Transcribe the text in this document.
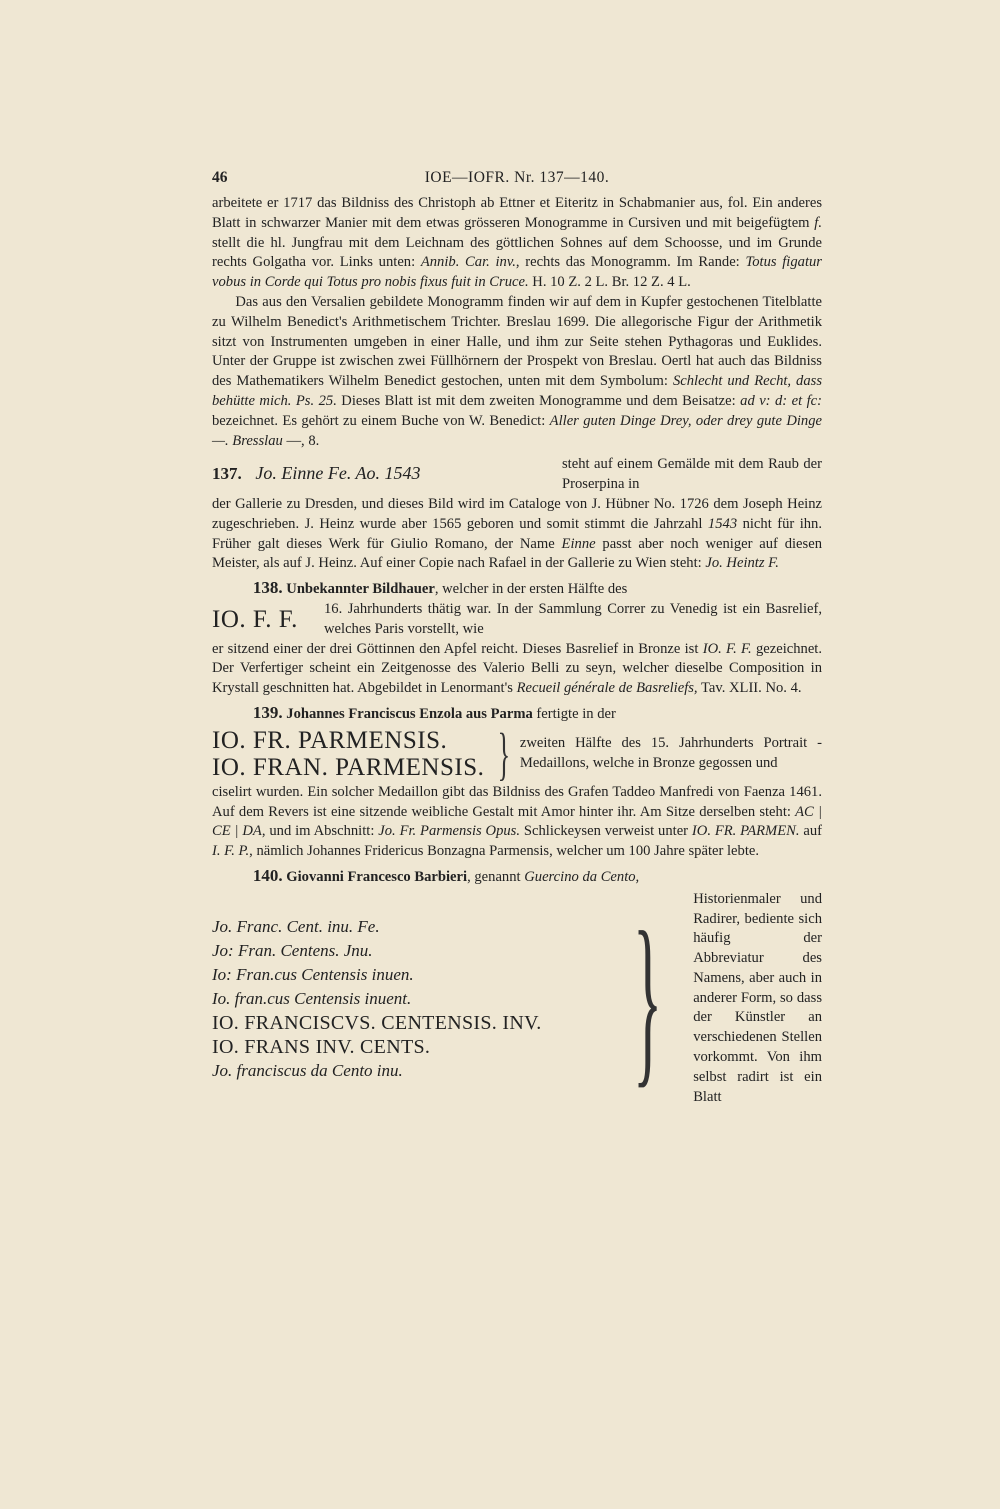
46	IOE—IOFR. Nr. 137—140.

arbeitete er 1717 das Bildniss des Christoph ab Ettner et Eiteritz in Schabmanier aus, fol. Ein anderes Blatt in schwarzer Manier mit dem etwas grösseren Monogramme in Cursiven und mit beigefügtem f. stellt die hl. Jungfrau mit dem Leichnam des göttlichen Sohnes auf dem Schoosse, und im Grunde rechts Golgatha vor. Links unten: Annib. Car. inv., rechts das Monogramm. Im Rande: Totus figatur vobus in Corde qui Totus pro nobis fixus fuit in Cruce. H. 10 Z. 2 L. Br. 12 Z. 4 L.

Das aus den Versalien gebildete Monogramm finden wir auf dem in Kupfer gestochenen Titelblatte zu Wilhelm Benedict's Arithmetischem Trichter. Breslau 1699. Die allegorische Figur der Arithmetik sitzt von Instrumenten umgeben in einer Halle, und ihm zur Seite stehen Pythagoras und Euklides. Unter der Gruppe ist zwischen zwei Füllhörnern der Prospekt von Breslau. Oertl hat auch das Bildniss des Mathematikers Wilhelm Benedict gestochen, unten mit dem Symbolum: Schlecht und Recht, dass behütte mich. Ps. 25. Dieses Blatt ist mit dem zweiten Monogramme und dem Beisatze: ad v: d: et fc: bezeichnet. Es gehört zu einem Buche von W. Benedict: Aller guten Dinge Drey, oder drey gute Dinge —. Bresslau —, 8.

137. Jo. Einne Fe. Ao. 1543	steht auf einem Gemälde mit dem Raub der Proserpina in

der Gallerie zu Dresden, und dieses Bild wird im Cataloge von J. Hübner No. 1726 dem Joseph Heinz zugeschrieben. J. Heinz wurde aber 1565 geboren und somit stimmt die Jahrzahl 1543 nicht für ihn. Früher galt dieses Werk für Giulio Romano, der Name Einne passt aber noch weniger auf diesen Meister, als auf J. Heinz. Auf einer Copie nach Rafael in der Gallerie zu Wien steht: Jo. Heintz F.

138. Unbekannter Bildhauer, welcher in der ersten Hälfte des

IO. F. F.	16. Jahrhunderts thätig war. In der Sammlung Correr zu Venedig ist ein Basrelief, welches Paris vorstellt, wie

er sitzend einer der drei Göttinnen den Apfel reicht. Dieses Basrelief in Bronze ist IO. F. F. gezeichnet. Der Verfertiger scheint ein Zeitgenosse des Valerio Belli zu seyn, welcher dieselbe Composition in Krystall geschnitten hat. Abgebildet in Lenormant's Recueil générale de Basreliefs, Tav. XLII. No. 4.

139. Johannes Franciscus Enzola aus Parma fertigte in der

IO. FR. PARMENSIS.
IO. FRAN. PARMENSIS. } zweiten Hälfte des 15. Jahrhunderts Portrait - Medaillons, welche in Bronze gegossen und

ciselirt wurden. Ein solcher Medaillon gibt das Bildniss des Grafen Taddeo Manfredi von Faenza 1461. Auf dem Revers ist eine sitzende weibliche Gestalt mit Amor hinter ihr. Am Sitze derselben steht: AC | CE | DA, und im Abschnitt: Jo. Fr. Parmensis Opus. Schlickeysen verweist unter IO. FR. PARMEN. auf I. F. P., nämlich Johannes Fridericus Bonzagna Parmensis, welcher um 100 Jahre später lebte.

140. Giovanni Francesco Barbieri, genannt Guercino da Cento,

Jo. Franc. Cent. inu. Fe.
Jo: Fran. Centens. Jnu.
Io: Fran.cus Centensis inuen.
Io. fran.cus Centensis inuent.
IO. FRANCISCVS. CENTENSIS. INV.
IO. FRANS INV. CENTS.
Jo. franciscus da Cento inu.	} Historienmaler und Radirer, bediente sich häufig der Abbreviatur des Namens, aber auch in anderer Form, so dass der Künstler an verschiedenen Stellen vorkommt. Von ihm selbst radirt ist ein Blatt
